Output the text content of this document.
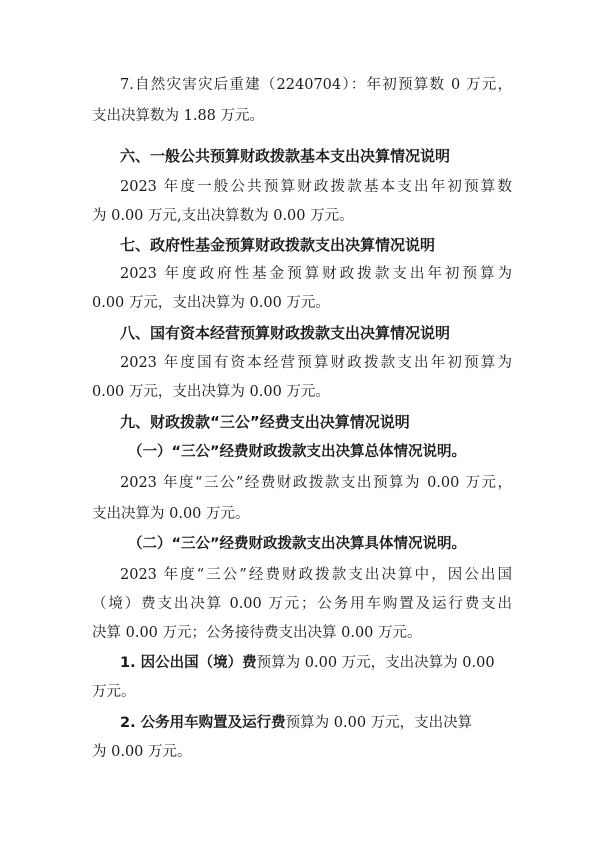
7.自然灾害灾后重建（2240704）：年初预算数 0 万元，
支出决算数为 1.88 万元。
六、一般公共预算财政拨款基本支出决算情况说明
2023 年度一般公共预算财政拨款基本支出年初预算数
为 0.00 万元,支出决算数为 0.00 万元。
七、政府性基金预算财政拨款支出决算情况说明
2023 年度政府性基金预算财政拨款支出年初预算为
0.00 万元，支出决算为 0.00 万元。
八、国有资本经营预算财政拨款支出决算情况说明
2023 年度国有资本经营预算财政拨款支出年初预算为
0.00 万元，支出决算为 0.00 万元。
九、财政拨款“三公”经费支出决算情况说明
（一）“三公”经费财政拨款支出决算总体情况说明。
2023 年度“三公”经费财政拨款支出预算为 0.00 万元，
支出决算为 0.00 万元。
（二）“三公”经费财政拨款支出决算具体情况说明。
2023 年度“三公”经费财政拨款支出决算中，因公出国
（境）费支出决算 0.00 万元；公务用车购置及运行费支出
决算 0.00 万元；公务接待费支出决算 0.00 万元。
1. 因公出国（境）费预算为 0.00 万元，支出决算为 0.00
万元。
2. 公务用车购置及运行费预算为 0.00 万元，支出决算
为 0.00 万元。
